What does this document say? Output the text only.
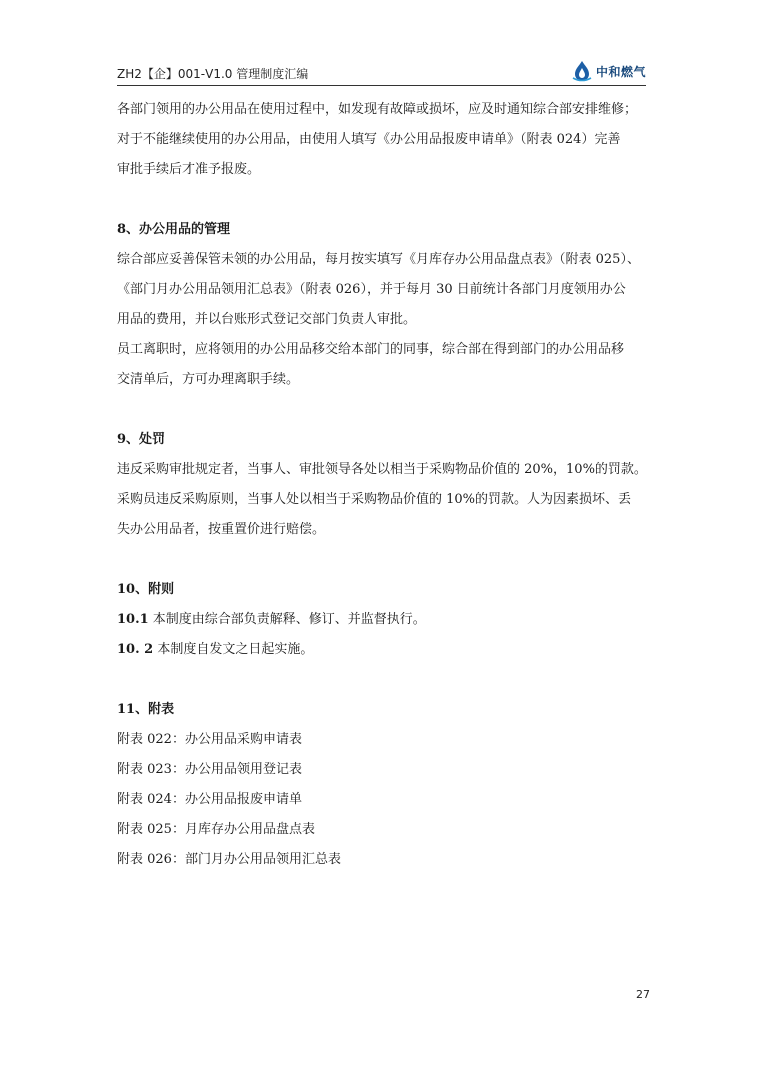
ZH2【企】001-V1.0 管理制度汇编	中和燃气
各部门领用的办公用品在使用过程中，如发现有故障或损坏，应及时通知综合部安排维修；
对于不能继续使用的办公用品，由使用人填写《办公用品报废申请单》（附表 024）完善
审批手续后才准予报废。
8、办公用品的管理
综合部应妥善保管未领的办公用品，每月按实填写《月库存办公用品盘点表》（附表 025）、
《部门月办公用品领用汇总表》（附表 026），并于每月 30 日前统计各部门月度领用办公
用品的费用，并以台账形式登记交部门负责人审批。
员工离职时，应将领用的办公用品移交给本部门的同事，综合部在得到部门的办公用品移
交清单后，方可办理离职手续。
9、处罚
违反采购审批规定者，当事人、审批领导各处以相当于采购物品价值的 20%，10%的罚款。
采购员违反采购原则，当事人处以相当于采购物品价值的 10%的罚款。人为因素损坏、丢
失办公用品者，按重置价进行赔偿。
10、附则
10.1 本制度由综合部负责解释、修订、并监督执行。
10. 2 本制度自发文之日起实施。
11、附表
附表 022：办公用品采购申请表
附表 023：办公用品领用登记表
附表 024：办公用品报废申请单
附表 025：月库存办公用品盘点表
附表 026：部门月办公用品领用汇总表
27
